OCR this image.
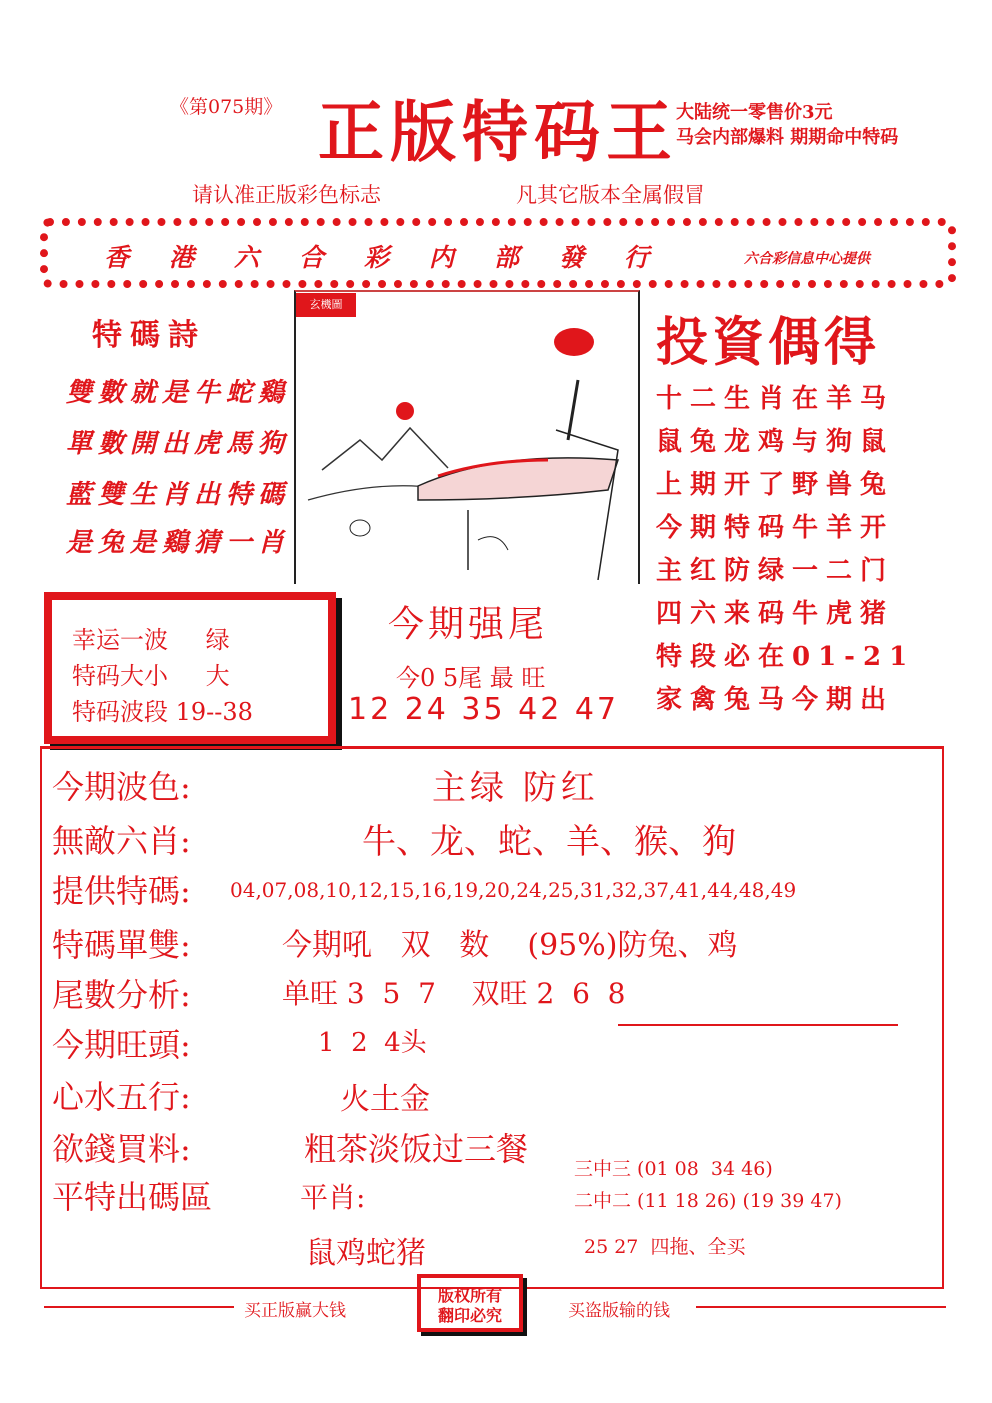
《第075期》 正版特码王
大陆统一零售价3元
马会内部爆料 期期命中特码
请认准正版彩色标志	凡其它版本全属假冒
香港六合彩内部發行	六合彩信息中心提供
特碼詩
雙數就是牛蛇鷄
單數開出虎馬狗
藍雙生肖出特碼
是兔是鷄猜一肖
玄機圖
投資偶得
十二生肖在羊马
鼠兔龙鸡与狗鼠
上期开了野兽兔
今期特码牛羊开
主红防绿一二门
四六来码牛虎猪
特段必在01-21
家禽兔马今期出
幸运一波 绿
特码大小 大
特码波段 19--38
今期强尾
今0 5尾 最 旺
12 24 35 42 47
今期波色:	主绿 防红
無敵六肖:	牛、龙、蛇、羊、猴、狗
提供特碼: 04,07,08,10,12,15,16,19,20,24,25,31,32,37,41,44,48,49
特碼單雙:	今期吼   双   数    (95%)防兔、鸡
尾數分析:	单旺 3  5  7    双旺 2  6  8
今期旺頭:	1  2  4头
心水五行:	火土金
欲錢買料:	粗茶淡饭过三餐
平特出碼區	平肖:
鼠鸡蛇猪
三中三 (01 08  34 46)
二中二 (11 18 26) (19 39 47)
25 27  四拖、全买
买正版赢大钱
版权所有
翻印必究	买盗版输的钱
